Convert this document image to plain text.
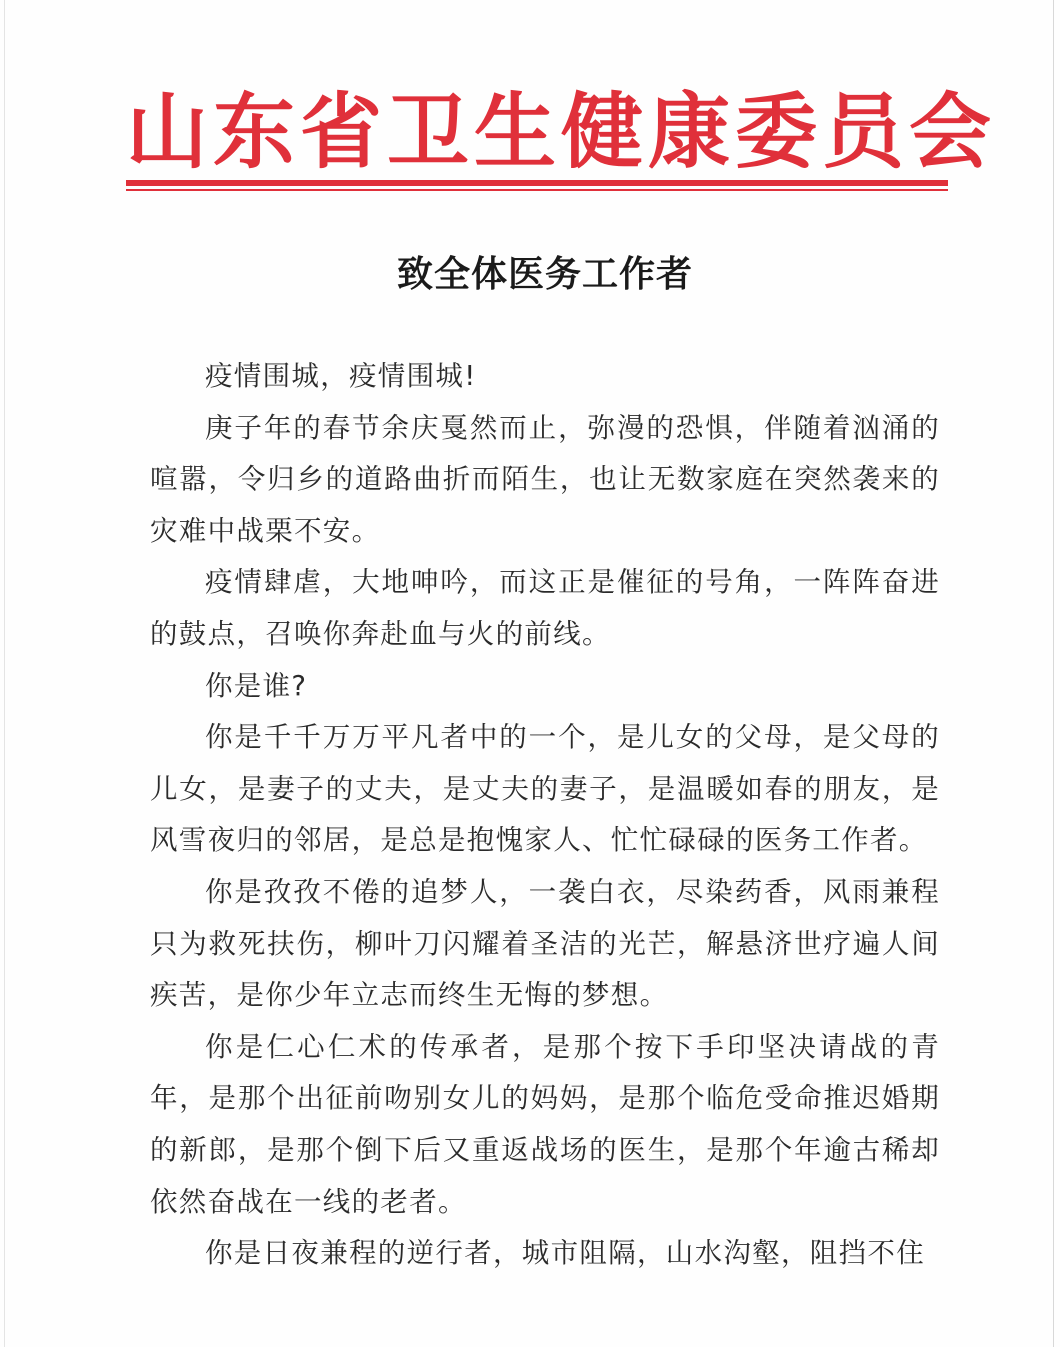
山东省卫生健康委员会
致全体医务工作者

疫情围城，疫情围城!

庚子年的春节余庆戛然而止，弥漫的恐惧，伴随着汹涌的喧嚣，令归乡的道路曲折而陌生，也让无数家庭在突然袭来的灾难中战栗不安。

疫情肆虐，大地呻吟，而这正是催征的号角，一阵阵奋进的鼓点，召唤你奔赴血与火的前线。

你是谁?

你是千千万万平凡者中的一个，是儿女的父母，是父母的儿女，是妻子的丈夫，是丈夫的妻子，是温暖如春的朋友，是风雪夜归的邻居，是总是抱愧家人、忙忙碌碌的医务工作者。

你是孜孜不倦的追梦人，一袭白衣，尽染药香，风雨兼程只为救死扶伤，柳叶刀闪耀着圣洁的光芒，解悬济世疗遍人间疾苦，是你少年立志而终生无悔的梦想。

你是仁心仁术的传承者，是那个按下手印坚决请战的青年，是那个出征前吻别女儿的妈妈，是那个临危受命推迟婚期的新郎，是那个倒下后又重返战场的医生，是那个年逾古稀却依然奋战在一线的老者。

你是日夜兼程的逆行者，城市阻隔，山水沟壑，阻挡不住
